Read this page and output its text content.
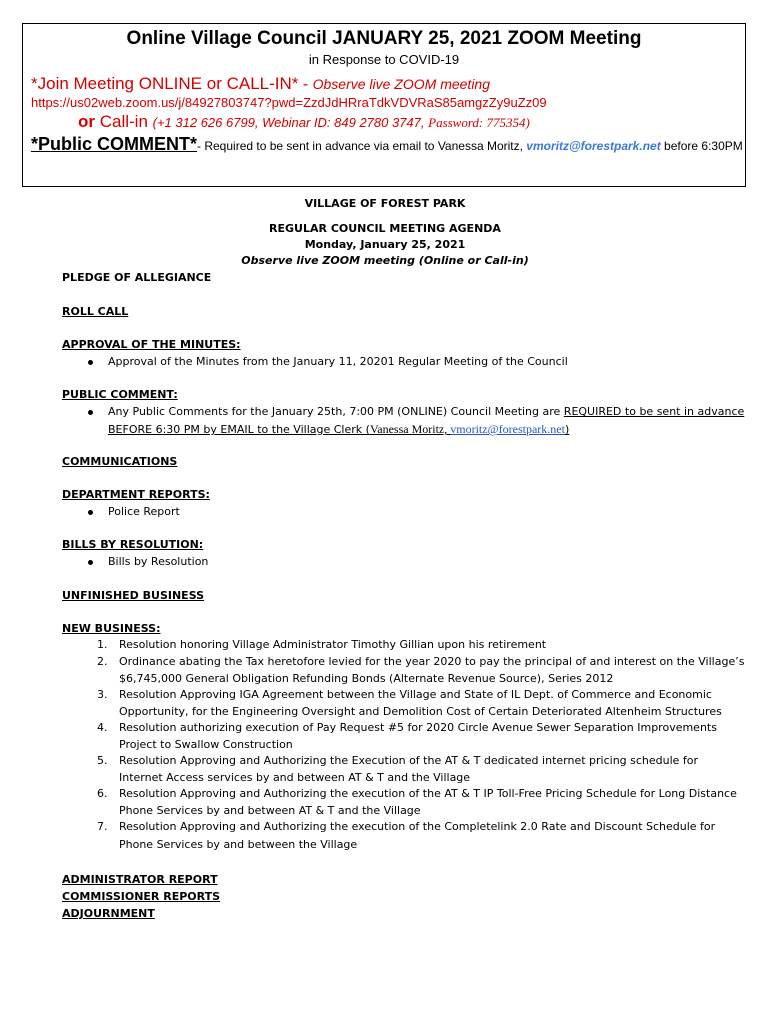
Online Village Council JANUARY 25, 2021 ZOOM Meeting
in Response to COVID-19
*Join Meeting ONLINE or CALL-IN* - Observe live ZOOM meeting
https://us02web.zoom.us/j/84927803747?pwd=ZzdJdHRraTdkVDVRaS85amgzZy9uZz09
or Call-in (+1 312 626 6799, Webinar ID: 849 2780 3747, Password: 775354)
*Public COMMENT*- Required to be sent in advance via email to Vanessa Moritz, vmoritz@forestpark.net before 6:30PM
VILLAGE OF FOREST PARK
REGULAR COUNCIL MEETING AGENDA
Monday, January 25, 2021
Observe live ZOOM meeting (Online or Call-in)
PLEDGE OF ALLEGIANCE
ROLL CALL
APPROVAL OF THE MINUTES:
Approval of the Minutes from the January 11, 20201 Regular Meeting of the Council
PUBLIC COMMENT:
Any Public Comments for the January 25th, 7:00 PM (ONLINE) Council Meeting are REQUIRED to be sent in advance
BEFORE 6:30 PM by EMAIL to the Village Clerk (Vanessa Moritz, vmoritz@forestpark.net)
COMMUNICATIONS
DEPARTMENT REPORTS:
Police Report
BILLS BY RESOLUTION:
Bills by Resolution
UNFINISHED BUSINESS
NEW BUSINESS:
1. Resolution honoring Village Administrator Timothy Gillian upon his retirement
2. Ordinance abating the Tax heretofore levied for the year 2020 to pay the principal of and interest on the Village’s
$6,745,000 General Obligation Refunding Bonds (Alternate Revenue Source), Series 2012
3. Resolution Approving IGA Agreement between the Village and State of IL Dept. of Commerce and Economic
Opportunity, for the Engineering Oversight and Demolition Cost of Certain Deteriorated Altenheim Structures
4. Resolution authorizing execution of Pay Request #5 for 2020 Circle Avenue Sewer Separation Improvements
Project to Swallow Construction
5. Resolution Approving and Authorizing the Execution of the AT & T dedicated internet pricing schedule for
Internet Access services by and between AT & T and the Village
6. Resolution Approving and Authorizing the execution of the AT & T IP Toll-Free Pricing Schedule for Long Distance
Phone Services by and between AT & T and the Village
7. Resolution Approving and Authorizing the execution of the Completelink 2.0 Rate and Discount Schedule for
Phone Services by and between the Village
ADMINISTRATOR REPORT
COMMISSIONER REPORTS
ADJOURNMENT
